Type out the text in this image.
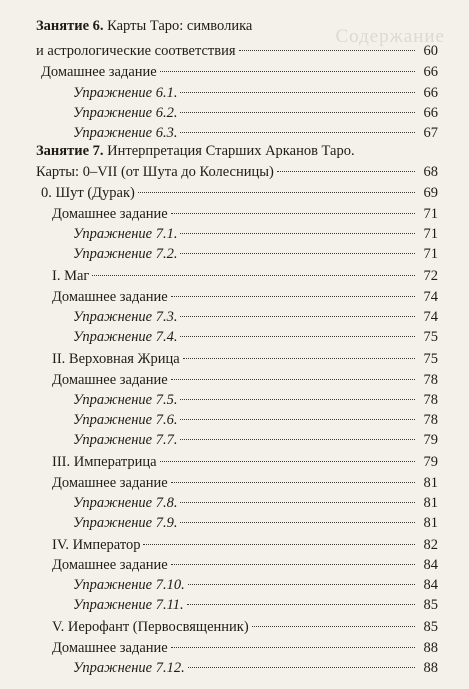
Содержание
Занятие 6. Карты Таро: символика
и астрологические соответствия	60
Домашнее задание	66
Упражнение 6.1.	66
Упражнение 6.2.	66
Упражнение 6.3.	67
Занятие 7. Интерпретация Старших Арканов Таро.
Карты: 0–VII (от Шута до Колесницы)	68
0. Шут (Дурак)	69
Домашнее задание	71
Упражнение 7.1.	71
Упражнение 7.2.	71
I. Маг	72
Домашнее задание	74
Упражнение 7.3.	74
Упражнение 7.4.	75
II. Верховная Жрица	75
Домашнее задание	78
Упражнение 7.5.	78
Упражнение 7.6.	78
Упражнение 7.7.	79
III. Императрица	79
Домашнее задание	81
Упражнение 7.8.	81
Упражнение 7.9.	81
IV. Император	82
Домашнее задание	84
Упражнение 7.10.	84
Упражнение 7.11.	85
V. Иерофант (Первосвященник)	85
Домашнее задание	88
Упражнение 7.12.	88
